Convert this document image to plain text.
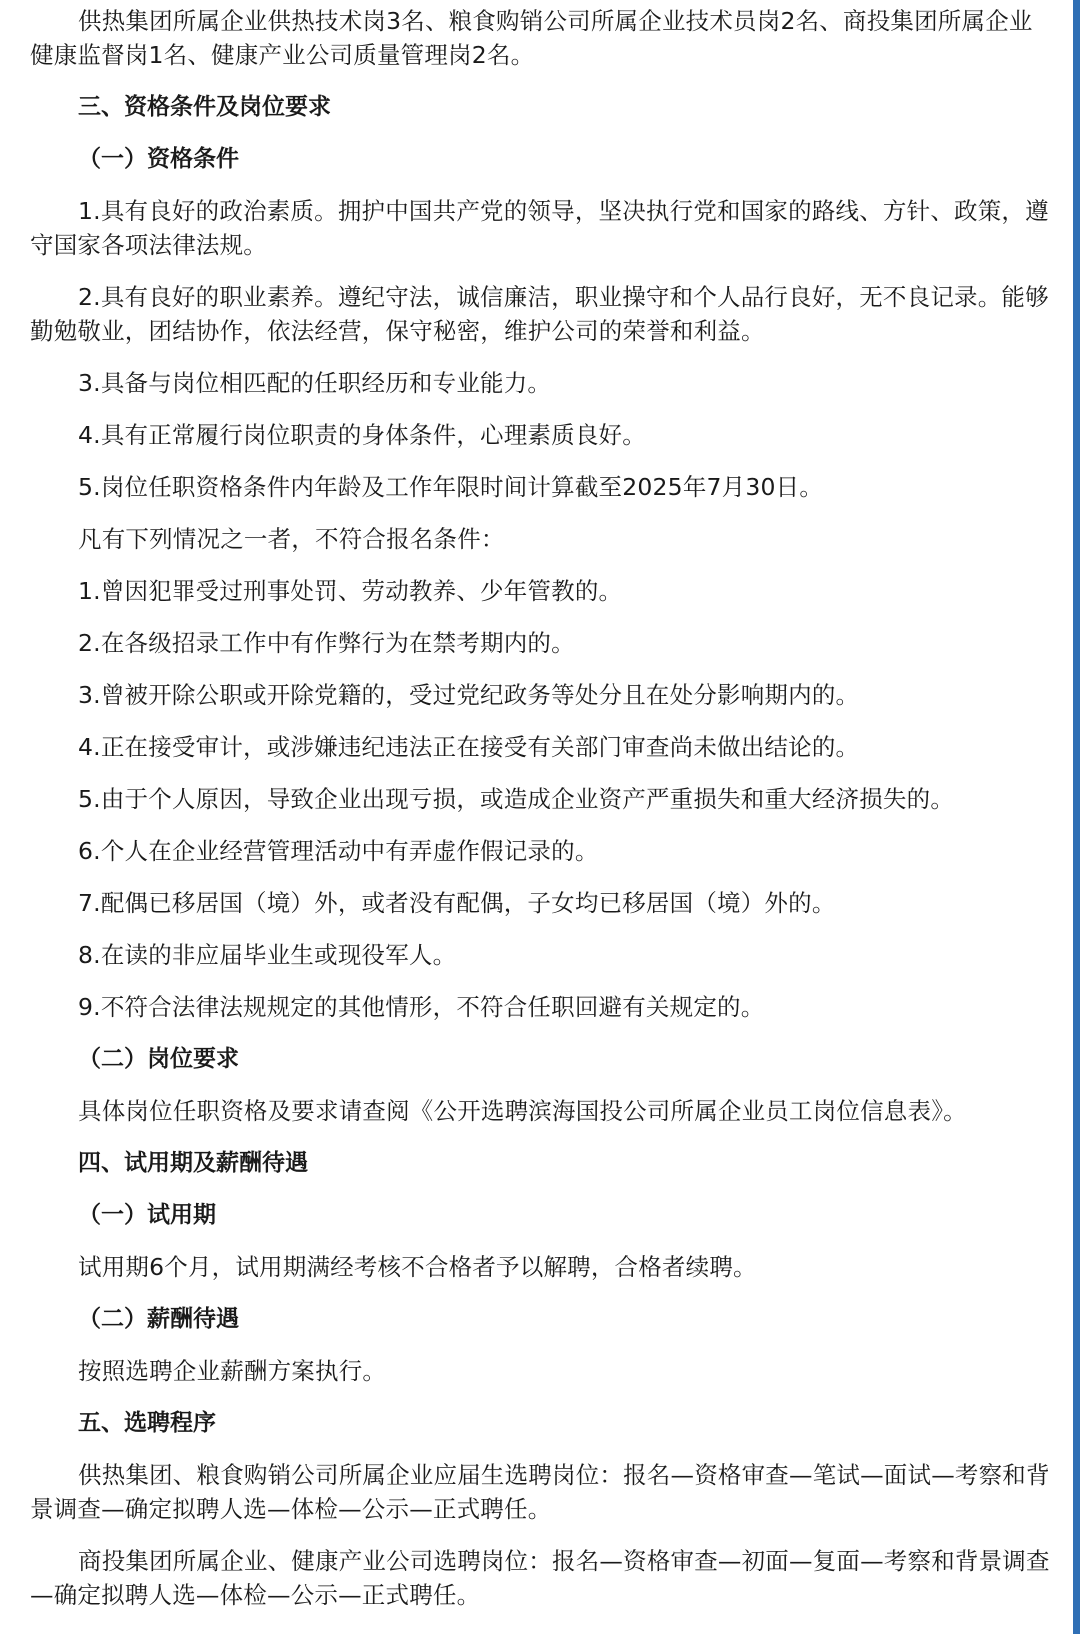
供热集团所属企业供热技术岗3名、粮食购销公司所属企业技术员岗2名、商投集团所属企业健康监督岗1名、健康产业公司质量管理岗2名。

三、资格条件及岗位要求

（一）资格条件

1.具有良好的政治素质。拥护中国共产党的领导，坚决执行党和国家的路线、方针、政策，遵守国家各项法律法规。

2.具有良好的职业素养。遵纪守法，诚信廉洁，职业操守和个人品行良好，无不良记录。能够勤勉敬业，团结协作，依法经营，保守秘密，维护公司的荣誉和利益。

3.具备与岗位相匹配的任职经历和专业能力。

4.具有正常履行岗位职责的身体条件，心理素质良好。

5.岗位任职资格条件内年龄及工作年限时间计算截至2025年7月30日。

凡有下列情况之一者，不符合报名条件：

1.曾因犯罪受过刑事处罚、劳动教养、少年管教的。

2.在各级招录工作中有作弊行为在禁考期内的。

3.曾被开除公职或开除党籍的，受过党纪政务等处分且在处分影响期内的。

4.正在接受审计，或涉嫌违纪违法正在接受有关部门审查尚未做出结论的。

5.由于个人原因，导致企业出现亏损，或造成企业资产严重损失和重大经济损失的。

6.个人在企业经营管理活动中有弄虚作假记录的。

7.配偶已移居国（境）外，或者没有配偶，子女均已移居国（境）外的。

8.在读的非应届毕业生或现役军人。

9.不符合法律法规规定的其他情形，不符合任职回避有关规定的。

（二）岗位要求

具体岗位任职资格及要求请查阅《公开选聘滨海国投公司所属企业员工岗位信息表》。

四、试用期及薪酬待遇

（一）试用期

试用期6个月，试用期满经考核不合格者予以解聘，合格者续聘。

（二）薪酬待遇

按照选聘企业薪酬方案执行。

五、选聘程序

供热集团、粮食购销公司所属企业应届生选聘岗位：报名—资格审查—笔试—面试—考察和背景调查—确定拟聘人选—体检—公示—正式聘任。

商投集团所属企业、健康产业公司选聘岗位：报名—资格审查—初面—复面—考察和背景调查—确定拟聘人选—体检—公示—正式聘任。
